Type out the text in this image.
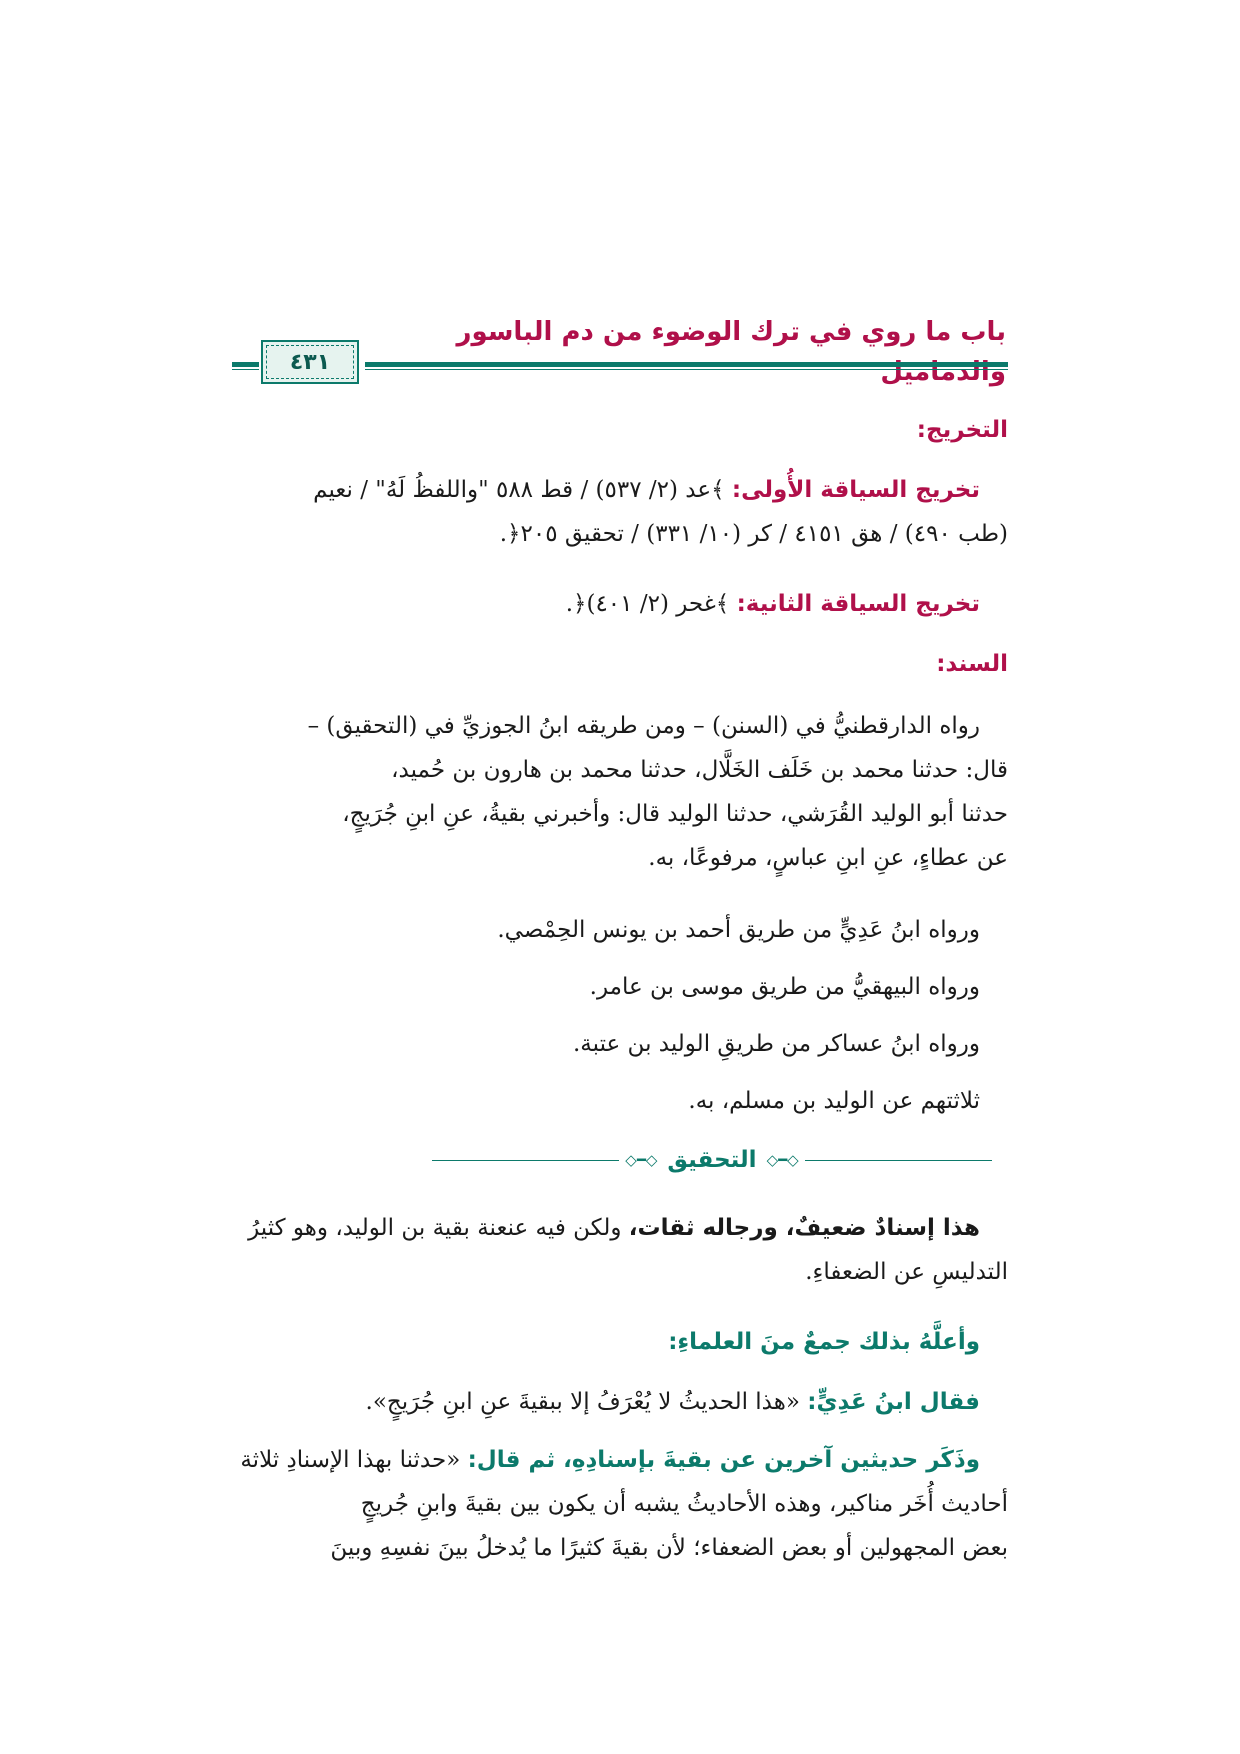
باب ما روي في ترك الوضوء من دم الباسور والدماميل
٤٣١
التخريج:
تخريج السياقة الأُولى: ﴾عد (٢/ ٥٣٧) / قط ٥٨٨ "واللفظُ لَهُ" / نعيم
(طب ٤٩٠) / هق ٤١٥١ / كر (١٠/ ٣٣١) / تحقيق ٢٠٥﴿.
تخريج السياقة الثانية: ﴾غحر (٢/ ٤٠١)﴿.
السند:
رواه الدارقطنيُّ في (السنن) – ومن طريقه ابنُ الجوزيِّ في (التحقيق) –
قال: حدثنا محمد بن خَلَف الخَلَّال، حدثنا محمد بن هارون بن حُميد،
حدثنا أبو الوليد القُرَشي، حدثنا الوليد قال: وأخبرني بقيةُ، عنِ ابنِ جُرَيجٍ،
عن عطاءٍ، عنِ ابنِ عباسٍ، مرفوعًا، به.
ورواه ابنُ عَدِيٍّ من طريق أحمد بن يونس الحِمْصي.
ورواه البيهقيُّ من طريق موسى بن عامر.
ورواه ابنُ عساكر من طريقِ الوليد بن عتبة.
ثلاثتهم عن الوليد بن مسلم، به.
◇━◇
التحقيق
◇━◇
هذا إسنادٌ ضعيفٌ، ورجاله ثقات، ولكن فيه عنعنة بقية بن الوليد، وهو كثيرُ
التدليسِ عن الضعفاءِ.
وأعلَّهُ بذلك جمعٌ منَ العلماءِ:
فقال ابنُ عَدِيٍّ: «هذا الحديثُ لا يُعْرَفُ إلا ببقيةَ عنِ ابنِ جُرَيجٍ».
وذَكَر حديثين آخرين عن بقيةَ بإسنادِهِ، ثم قال: «حدثنا بهذا الإسنادِ ثلاثة
أحاديث أُخَر مناكير، وهذه الأحاديثُ يشبه أن يكون بين بقيةَ وابنِ جُريجٍ
بعض المجهولين أو بعض الضعفاء؛ لأن بقيةَ كثيرًا ما يُدخلُ بينَ نفسِهِ وبينَ
